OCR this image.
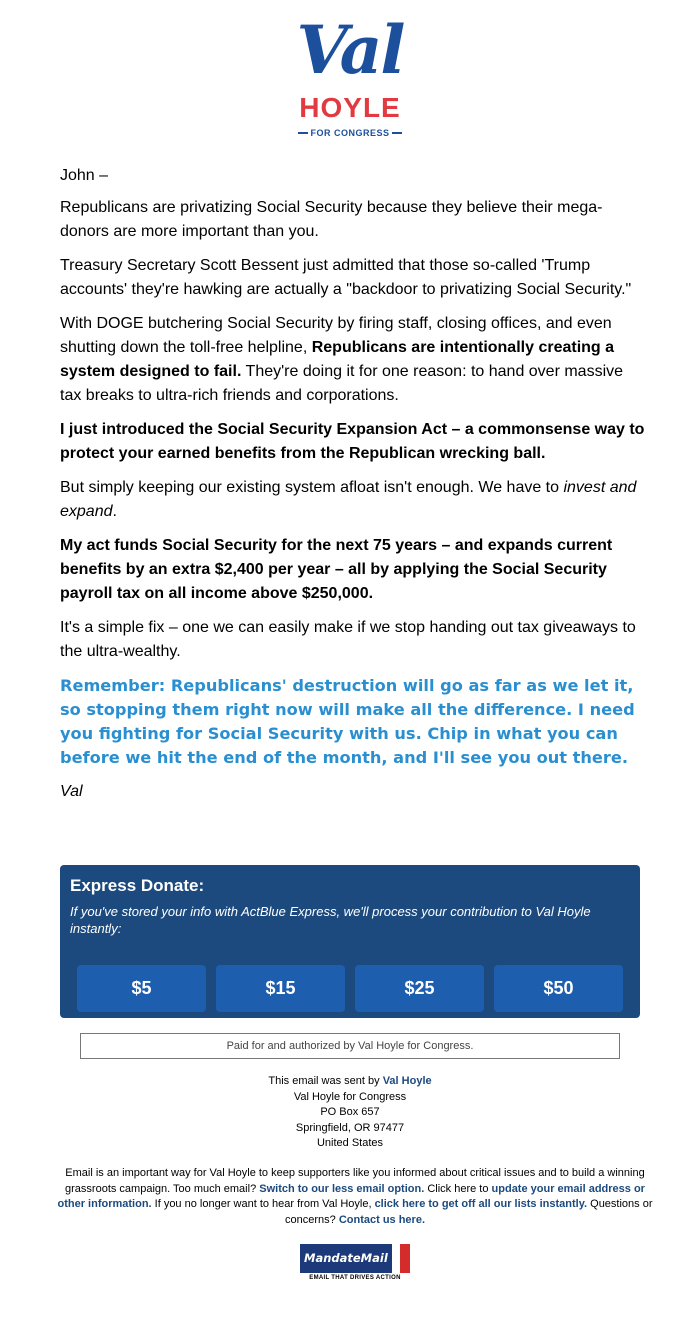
Val
HOYLE
FOR CONGRESS

John –

Republicans are privatizing Social Security because they believe their mega-donors are more important than you.

Treasury Secretary Scott Bessent just admitted that those so-called 'Trump accounts' they're hawking are actually a "backdoor to privatizing Social Security."

With DOGE butchering Social Security by firing staff, closing offices, and even shutting down the toll-free helpline, Republicans are intentionally creating a system designed to fail. They're doing it for one reason: to hand over massive tax breaks to ultra-rich friends and corporations.

I just introduced the Social Security Expansion Act – a commonsense way to protect your earned benefits from the Republican wrecking ball.

But simply keeping our existing system afloat isn't enough. We have to invest and expand.

My act funds Social Security for the next 75 years – and expands current benefits by an extra $2,400 per year – all by applying the Social Security payroll tax on all income above $250,000.

It's a simple fix – one we can easily make if we stop handing out tax giveaways to the ultra-wealthy.

Remember: Republicans' destruction will go as far as we let it, so stopping them right now will make all the difference. I need you fighting for Social Security with us. Chip in what you can before we hit the end of the month, and I'll see you out there.

Val

Express Donate:
If you've stored your info with ActBlue Express, we'll process your contribution to Val Hoyle instantly:
$5	$15	$25	$50
Paid for and authorized by Val Hoyle for Congress.
This email was sent by Val Hoyle
Val Hoyle for Congress
PO Box 657
Springfield, OR 97477
United States
Email is an important way for Val Hoyle to keep supporters like you informed about critical issues and to build a winning grassroots campaign. Too much email? Switch to our less email option. Click here to update your email address or other information. If you no longer want to hear from Val Hoyle, click here to get off all our lists instantly. Questions or concerns? Contact us here.
MandateMail
EMAIL THAT DRIVES ACTION
